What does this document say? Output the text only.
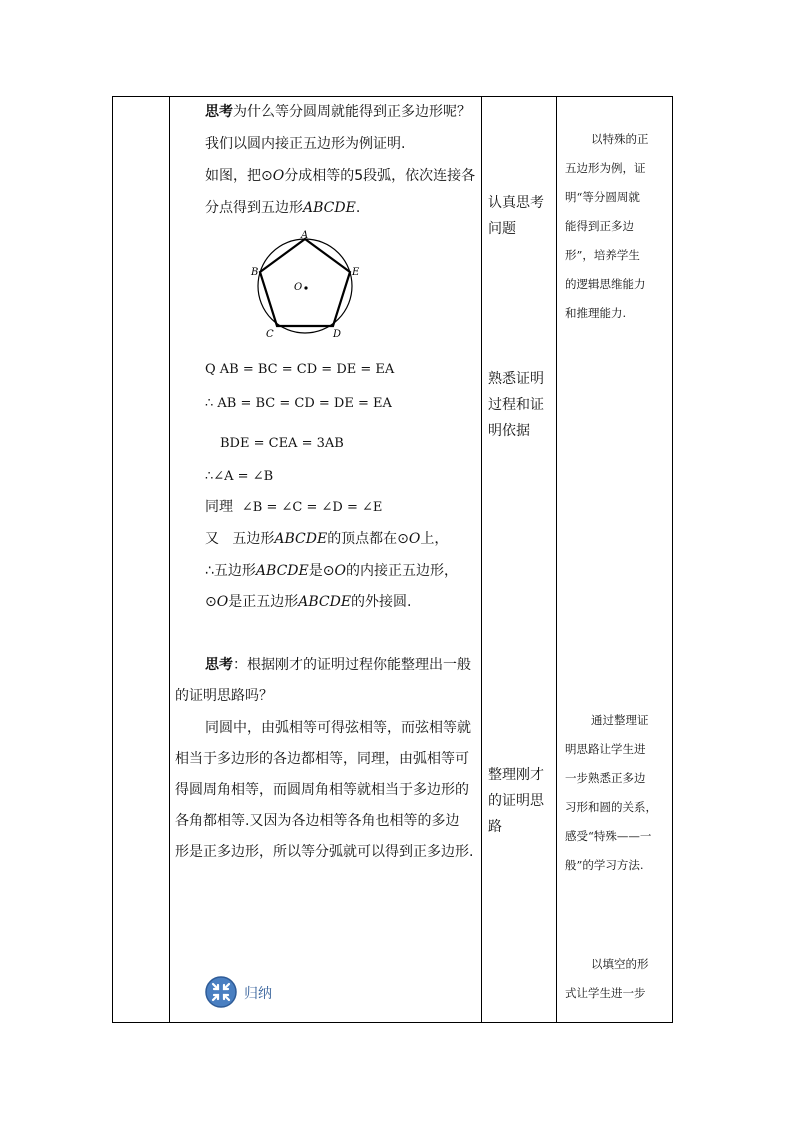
思考为什么等分圆周就能得到正多边形呢？
我们以圆内接正五边形为例证明.
如图，把⊙O分成相等的5段弧，依次连接各
分点得到五边形ABCDE.
A
B
C	D
E
O
Q AB = BC = CD = DE = EA
∴ AB = BC = CD = DE = EA
BDE = CEA = 3AB
∴∠A = ∠B
同理 ∠B = ∠C = ∠D = ∠E
又 五边形ABCDE的顶点都在⊙O上，
∴五边形ABCDE是⊙O的内接正五边形，
⊙O是正五边形ABCDE的外接圆.
思考：根据刚才的证明过程你能整理出一般
的证明思路吗？
同圆中，由弧相等可得弦相等，而弦相等就
相当于多边形的各边都相等，同理，由弧相等可
得圆周角相等，而圆周角相等就相当于多边形的
各角都相等.又因为各边相等各角也相等的多边
形是正多边形，所以等分弧就可以得到正多边形.
归纳
认真思考
问题
熟悉证明
过程和证
明依据
整理刚才
的证明思
路
以特殊的正
五边形为例，证
明“等分圆周就
能得到正多边
形”，培养学生
的逻辑思维能力
和推理能力.
通过整理证
明思路让学生进
一步熟悉正多边
习形和圆的关系，
感受“特殊——一
般”的学习方法.
以填空的形
式让学生进一步
